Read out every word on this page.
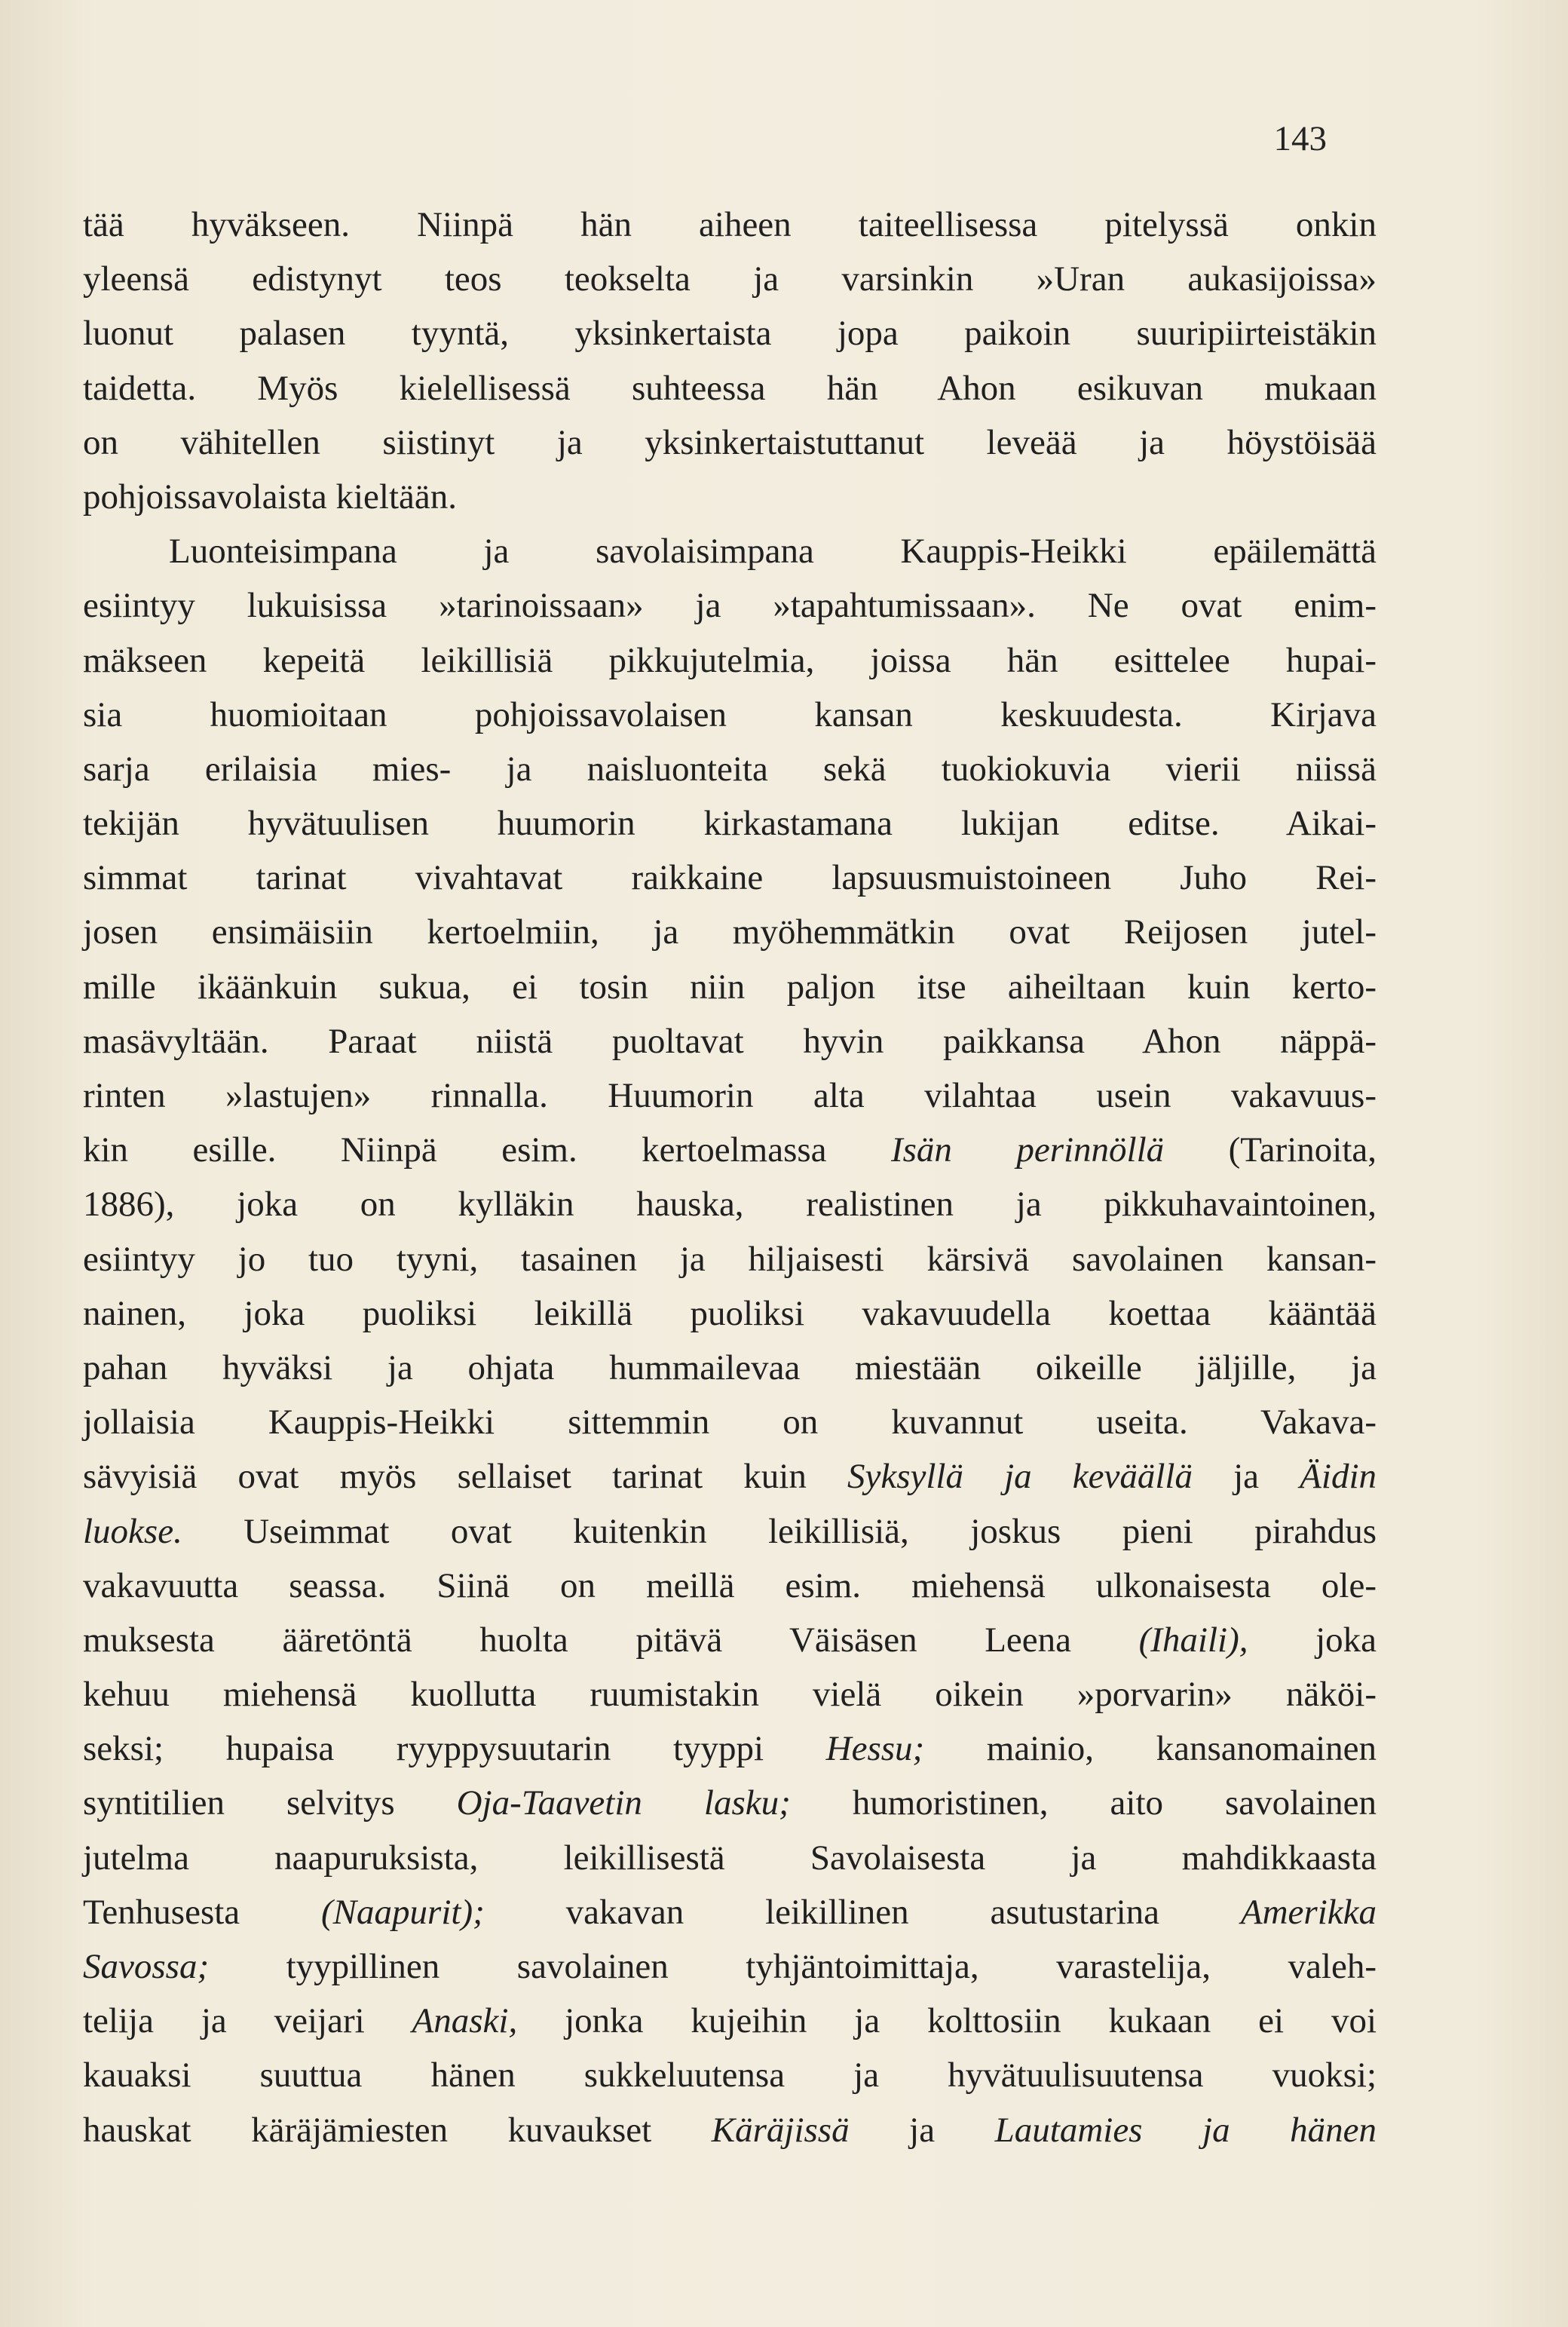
143
tää hyväkseen. Niinpä hän aiheen taiteellisessa pitelyssä onkin
yleensä edistynyt teos teokselta ja varsinkin »Uran aukasijoissa»
luonut palasen tyyntä, yksinkertaista jopa paikoin suuripiirteistäkin
taidetta. Myös kielellisessä suhteessa hän Ahon esikuvan mukaan
on vähitellen siistinyt ja yksinkertaistuttanut leveää ja höystöisää
pohjoissavolaista kieltään.
Luonteisimpana ja savolaisimpana Kauppis-Heikki epäilemättä
esiintyy lukuisissa »tarinoissaan» ja »tapahtumissaan». Ne ovat enim-
mäkseen kepeitä leikillisiä pikkujutelmia, joissa hän esittelee hupai-
sia huomioitaan pohjoissavolaisen kansan keskuudesta. Kirjava
sarja erilaisia mies- ja naisluonteita sekä tuokiokuvia vierii niissä
tekijän hyvätuulisen huumorin kirkastamana lukijan editse. Aikai-
simmat tarinat vivahtavat raikkaine lapsuusmuistoineen Juho Rei-
josen ensimäisiin kertoelmiin, ja myöhemmätkin ovat Reijosen jutel-
mille ikäänkuin sukua, ei tosin niin paljon itse aiheiltaan kuin kerto-
masävyltään. Paraat niistä puoltavat hyvin paikkansa Ahon näppä-
rinten »lastujen» rinnalla. Huumorin alta vilahtaa usein vakavuus-
kin esille. Niinpä esim. kertoelmassa Isän perinnöllä (Tarinoita,
1886), joka on kylläkin hauska, realistinen ja pikkuhavaintoinen,
esiintyy jo tuo tyyni, tasainen ja hiljaisesti kärsivä savolainen kansan-
nainen, joka puoliksi leikillä puoliksi vakavuudella koettaa kääntää
pahan hyväksi ja ohjata hummailevaa miestään oikeille jäljille, ja
jollaisia Kauppis-Heikki sittemmin on kuvannut useita. Vakava-
sävyisiä ovat myös sellaiset tarinat kuin Syksyllä ja keväällä ja Äidin
luokse. Useimmat ovat kuitenkin leikillisiä, joskus pieni pirahdus
vakavuutta seassa. Siinä on meillä esim. miehensä ulkonaisesta ole-
muksesta ääretöntä huolta pitävä Väisäsen Leena (Ihaili), joka
kehuu miehensä kuollutta ruumistakin vielä oikein »porvarin» näköi-
seksi; hupaisa ryyppysuutarin tyyppi Hessu; mainio, kansanomainen
syntitilien selvitys Oja-Taavetin lasku; humoristinen, aito savolainen
jutelma naapuruksista, leikillisestä Savolaisesta ja mahdikkaasta
Tenhusesta (Naapurit); vakavan leikillinen asutustarina Amerikka
Savossa; tyypillinen savolainen tyhjäntoimittaja, varastelija, valeh-
telija ja veijari Anaski, jonka kujeihin ja kolttosiin kukaan ei voi
kauaksi suuttua hänen sukkeluutensa ja hyvätuulisuutensa vuoksi;
hauskat käräjämiesten kuvaukset Käräjissä ja Lautamies ja hänen
